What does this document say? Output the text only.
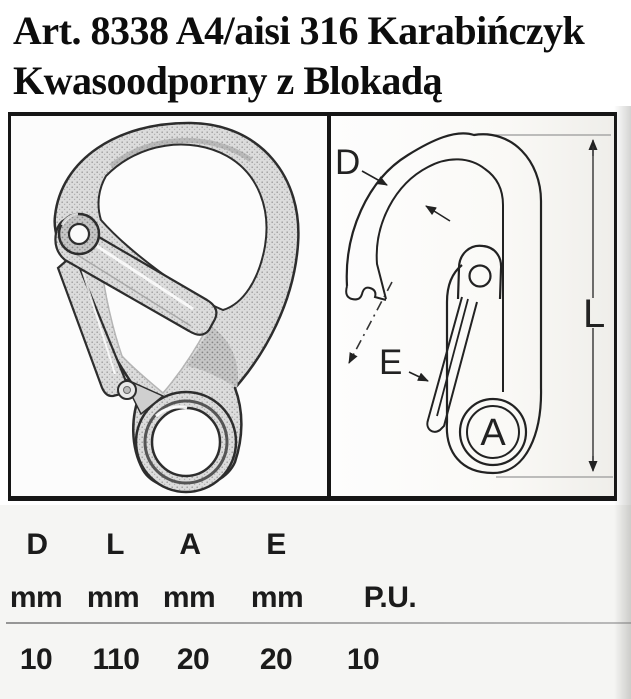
Art. 8338 A4/aisi 316 Karabińczyk
Kwasoodporny z Blokadą
D
E
A
L
D L A E
mm mm mm mm P.U.
10 110 20 20 10
